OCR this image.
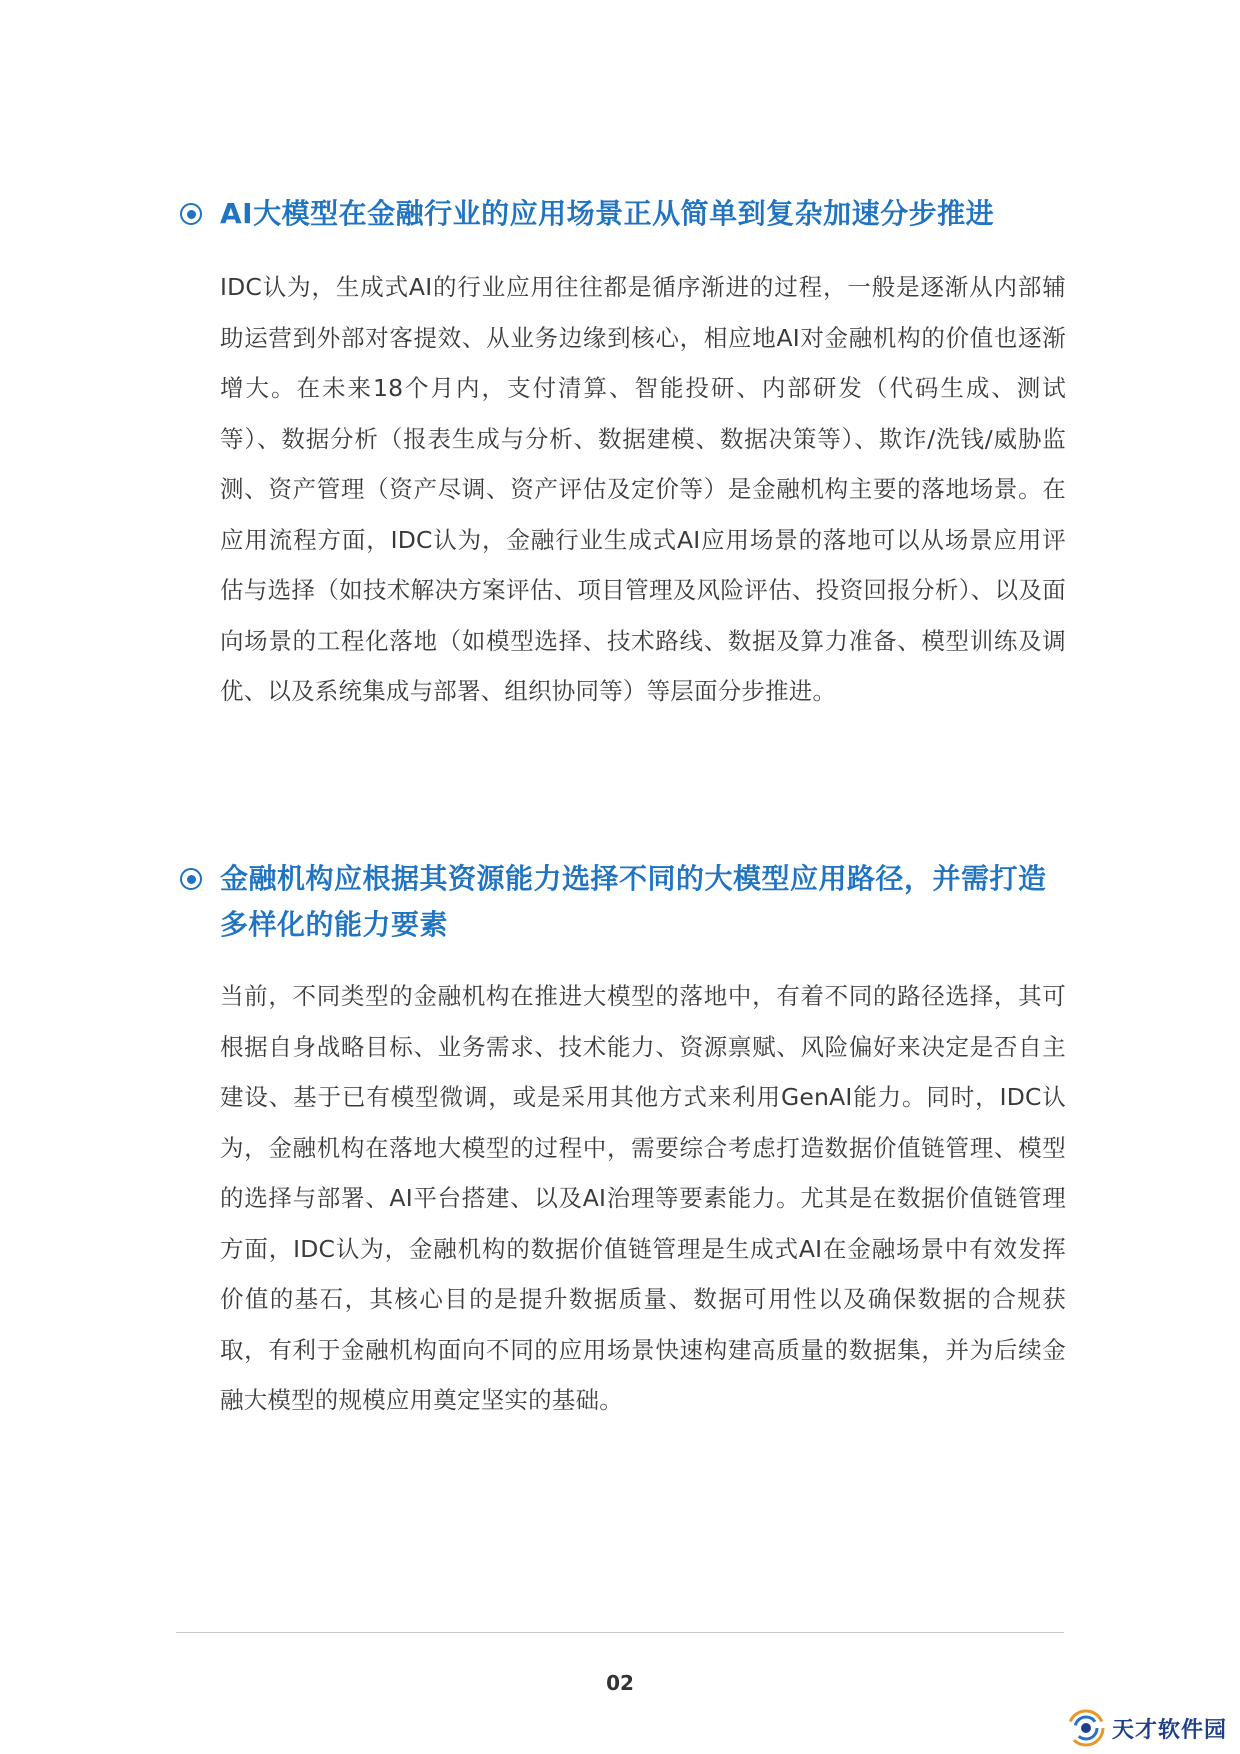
AI大模型在金融行业的应用场景正从简单到复杂加速分步推进
IDC认为，生成式AI的行业应用往往都是循序渐进的过程，一般是逐渐从内部辅助运营到外部对客提效、从业务边缘到核心，相应地AI对金融机构的价值也逐渐增大。在未来18个月内，支付清算、智能投研、内部研发（代码生成、测试等）、数据分析（报表生成与分析、数据建模、数据决策等）、欺诈/洗钱/威胁监测、资产管理（资产尽调、资产评估及定价等）是金融机构主要的落地场景。在应用流程方面，IDC认为，金融行业生成式AI应用场景的落地可以从场景应用评估与选择（如技术解决方案评估、项目管理及风险评估、投资回报分析）、以及面向场景的工程化落地（如模型选择、技术路线、数据及算力准备、模型训练及调优、以及系统集成与部署、组织协同等）等层面分步推进。
金融机构应根据其资源能力选择不同的大模型应用路径，并需打造多样化的能力要素
当前，不同类型的金融机构在推进大模型的落地中，有着不同的路径选择，其可根据自身战略目标、业务需求、技术能力、资源禀赋、风险偏好来决定是否自主建设、基于已有模型微调，或是采用其他方式来利用GenAI能力。同时，IDC认为，金融机构在落地大模型的过程中，需要综合考虑打造数据价值链管理、模型的选择与部署、AI平台搭建、以及AI治理等要素能力。尤其是在数据价值链管理方面，IDC认为，金融机构的数据价值链管理是生成式AI在金融场景中有效发挥价值的基石，其核心目的是提升数据质量、数据可用性以及确保数据的合规获取，有利于金融机构面向不同的应用场景快速构建高质量的数据集，并为后续金融大模型的规模应用奠定坚实的基础。
02
天才软件园
